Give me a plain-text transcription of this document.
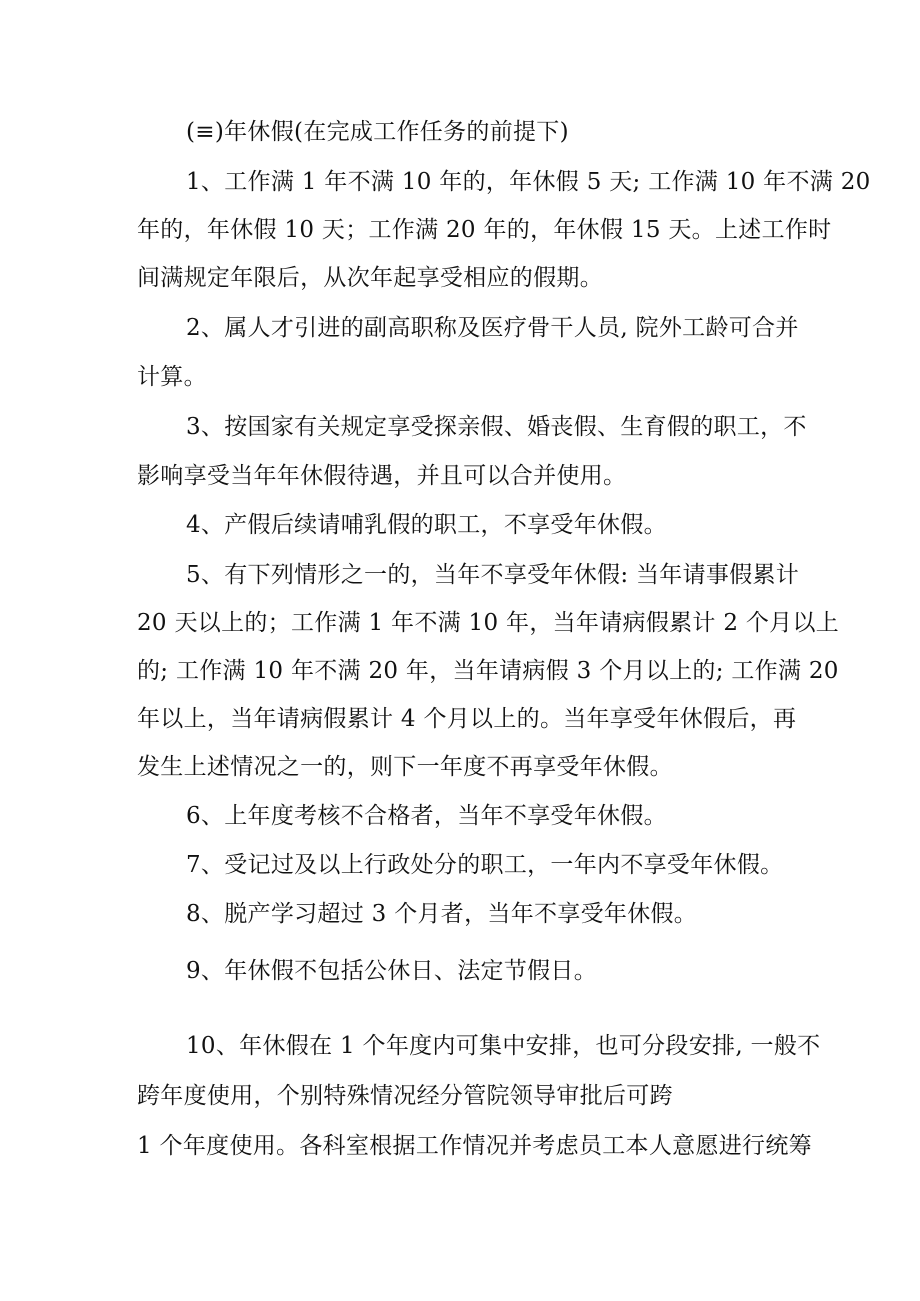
(≡)年休假(在完成工作任务的前提下)
1、工作满 1 年不满 10 年的，年休假 5 天; 工作满 10 年不满 20
年的，年休假 10 天；工作满 20 年的，年休假 15 天。上述工作时
间满规定年限后，从次年起享受相应的假期。
2、属人才引进的副高职称及医疗骨干人员, 院外工龄可合并
计算。
3、按国家有关规定享受探亲假、婚丧假、生育假的职工，不
影响享受当年年休假待遇，并且可以合并使用。
4、产假后续请哺乳假的职工，不享受年休假。
5、有下列情形之一的，当年不享受年休假: 当年请事假累计
20 天以上的；工作满 1 年不满 10 年，当年请病假累计 2 个月以上
的; 工作满 10 年不满 20 年，当年请病假 3 个月以上的; 工作满 20
年以上，当年请病假累计 4 个月以上的。当年享受年休假后，再
发生上述情况之一的，则下一年度不再享受年休假。
6、上年度考核不合格者，当年不享受年休假。
7、受记过及以上行政处分的职工，一年内不享受年休假。
8、脱产学习超过 3 个月者，当年不享受年休假。
9、年休假不包括公休日、法定节假日。
10、年休假在 1 个年度内可集中安排，也可分段安排, 一般不
跨年度使用，个别特殊情况经分管院领导审批后可跨
1 个年度使用。各科室根据工作情况并考虑员工本人意愿进行统筹
